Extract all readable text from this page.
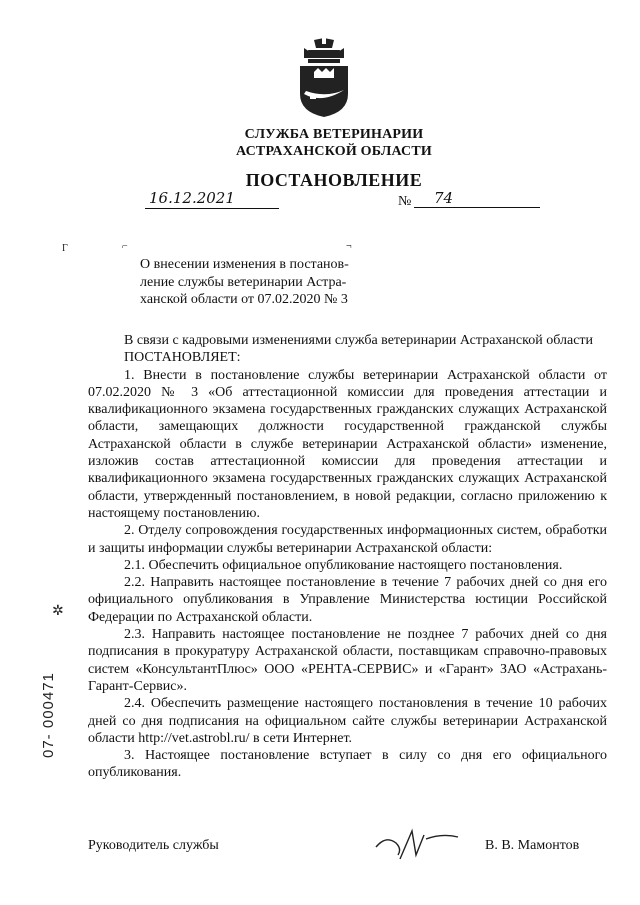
СЛУЖБА ВЕТЕРИНАРИИ
АСТРАХАНСКОЙ ОБЛАСТИ
ПОСТАНОВЛЕНИЕ
16.12.2021	№	74
Г	⌐	¬
О внесении изменения в постанов-
ление службы ветеринарии Астра-
ханской области от 07.02.2020 № 3

В связи с кадровыми изменениями служба ветеринарии Астраханской области

ПОСТАНОВЛЯЕТ:

1. Внести в постановление службы ветеринарии Астраханской области от 07.02.2020 № 3 «Об аттестационной комиссии для проведения аттестации и квалификационного экзамена государственных гражданских служащих Астраханской области, замещающих должности государственной гражданской службы Астраханской области в службе ветеринарии Астраханской области» изменение, изложив состав аттестационной комиссии для проведения аттестации и квалификационного экзамена государственных гражданских служащих Астраханской области, утвержденный постановлением, в новой редакции, согласно приложению к настоящему постановлению.

2. Отделу сопровождения государственных информационных систем, обработки и защиты информации службы ветеринарии Астраханской области:

2.1. Обеспечить официальное опубликование настоящего постановления.

2.2. Направить настоящее постановление в течение 7 рабочих дней со дня его официального опубликования в Управление Министерства юстиции Российской Федерации по Астраханской области.

2.3. Направить настоящее постановление не позднее 7 рабочих дней со дня подписания в прокуратуру Астраханской области, поставщикам справочно-правовых систем «КонсультантПлюс» ООО «РЕНТА-СЕРВИС» и «Гарант» ЗАО «Астрахань-Гарант-Сервис».

2.4. Обеспечить размещение настоящего постановления в течение 10 рабочих дней со дня подписания на официальном сайте службы ветеринарии Астраханской области http://vet.astrobl.ru/ в сети Интернет.

3. Настоящее постановление вступает в силу со дня его официального опубликования.

✲
07- 000471
Руководитель службы	В. В. Мамонтов
